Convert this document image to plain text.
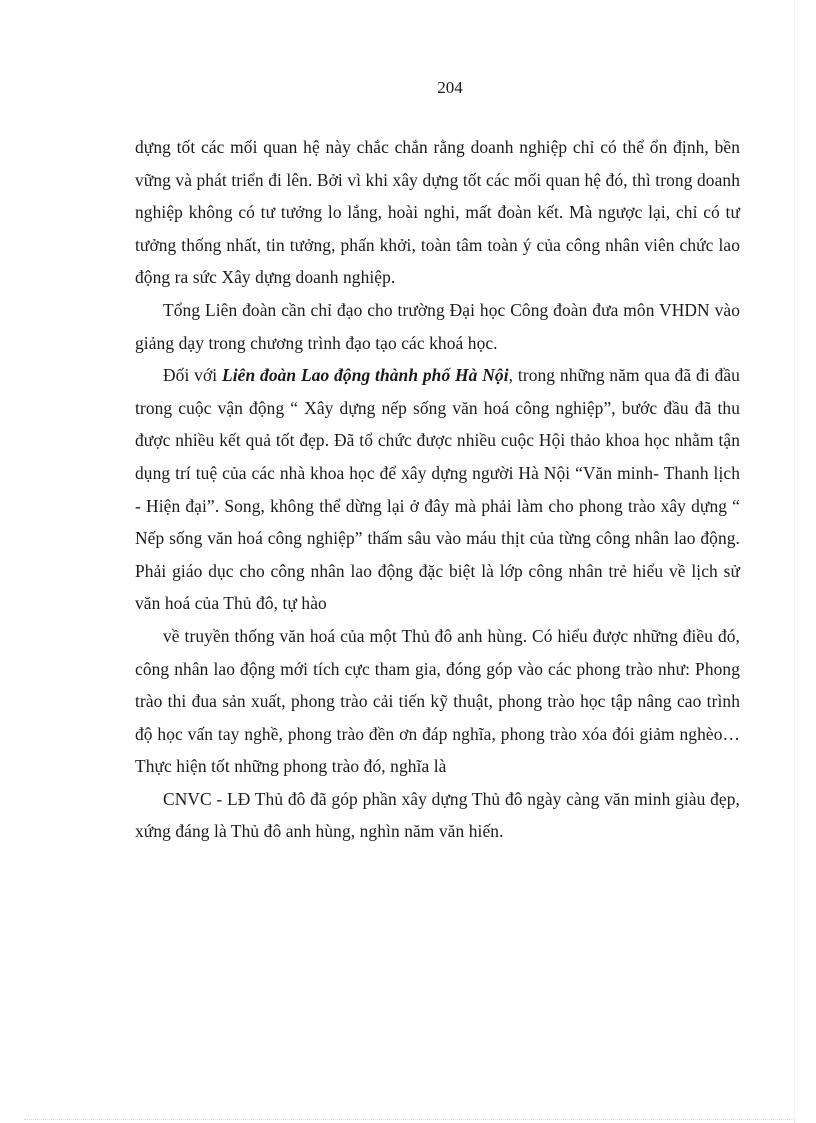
204

dựng tốt các mối quan hệ này chắc chắn rằng doanh nghiệp chỉ có thể ổn định, bền vững và phát triển đi lên. Bởi vì khi xây dựng tốt các mối quan hệ đó, thì trong doanh nghiệp không có tư tưởng lo lắng, hoài nghi, mất đoàn kết. Mà ngược lại, chỉ có tư tưởng thống nhất, tin tưởng, phấn khởi, toàn tâm toàn ý của công nhân viên chức lao động ra sức Xây dựng doanh nghiệp.

Tổng Liên đoàn cần chỉ đạo cho trường Đại học Công đoàn đưa môn VHDN vào giảng dạy trong chương trình đạo tạo các khoá học.

Đối với Liên đoàn Lao động thành phố Hà Nội, trong những năm qua đã đi đầu trong cuộc vận động “ Xây dựng nếp sống văn hoá công nghiệp”, bước đầu đã thu được nhiều kết quả tốt đẹp. Đã tổ chức được nhiều cuộc Hội thảo khoa học nhằm tận dụng trí tuệ của các nhà khoa học để xây dựng người Hà Nội “Văn minh- Thanh lịch - Hiện đại”. Song, không thể dừng lại ở đây mà phải làm cho phong trào xây dựng “ Nếp sống văn hoá công nghiệp” thấm sâu vào máu thịt của từng công nhân lao động. Phải giáo dục cho công nhân lao động đặc biệt là lớp công nhân trẻ hiểu về lịch sử văn hoá của Thủ đô, tự hào

về truyền thống văn hoá của một Thủ đô anh hùng. Có hiểu được những điều đó, công nhân lao động mới tích cực tham gia, đóng góp vào các phong trào như: Phong trào thi đua sản xuất, phong trào cải tiến kỹ thuật, phong trào học tập nâng cao trình độ học vấn tay nghề, phong trào đền ơn đáp nghĩa, phong trào xóa đói giảm nghèo… Thực hiện tốt những phong trào đó, nghĩa là

CNVC - LĐ Thủ đô đã góp phần xây dựng Thủ đô ngày càng văn minh giàu đẹp, xứng đáng là Thủ đô anh hùng, nghìn năm văn hiến.
